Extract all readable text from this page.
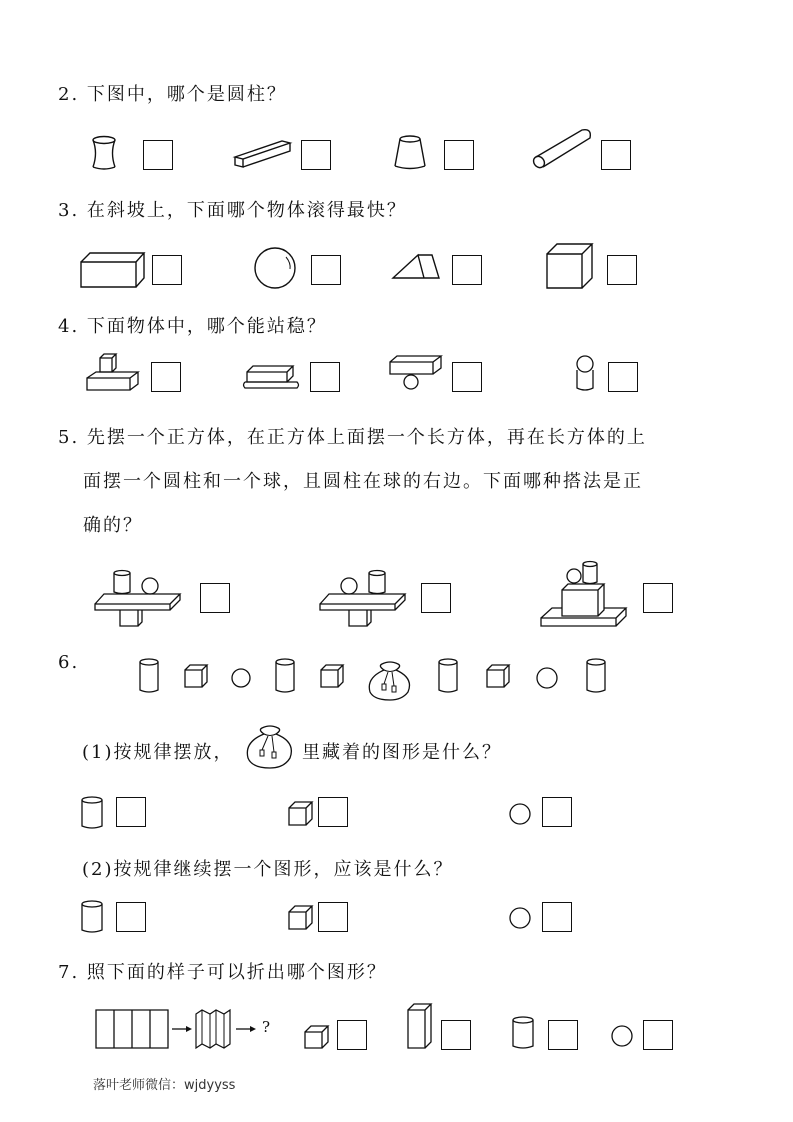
2. 下图中，哪个是圆柱？
3. 在斜坡上，下面哪个物体滚得最快？
4. 下面物体中，哪个能站稳？
5. 先摆一个正方体，在正方体上面摆一个长方体，再在长方体的上
面摆一个圆柱和一个球，且圆柱在球的右边。下面哪种搭法是正
确的？
6.
(1)按规律摆放，	里藏着的图形是什么？
(2)按规律继续摆一个图形，应该是什么？
7. 照下面的样子可以折出哪个图形？
?
落叶老师微信：wjdyyss
